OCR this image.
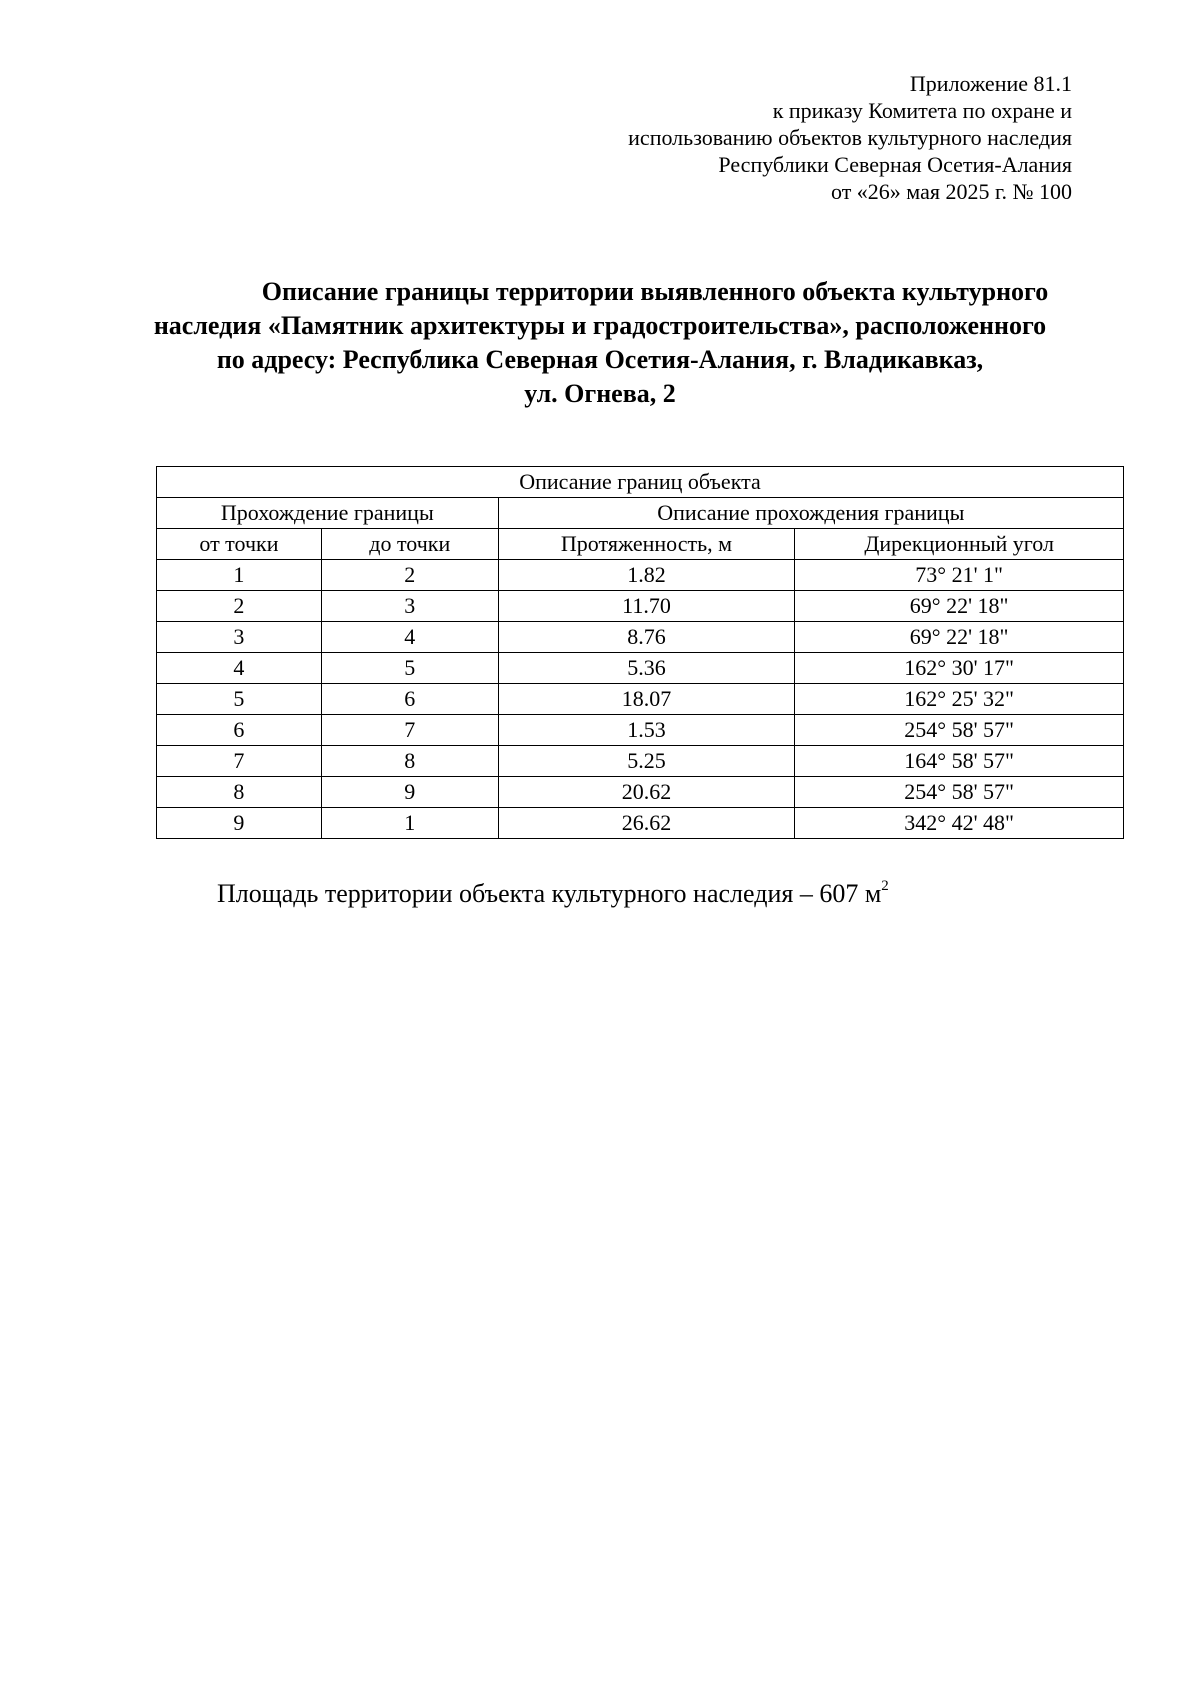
Приложение 81.1
к приказу Комитета по охране и
использованию объектов культурного наследия
Республики Северная Осетия-Алания
от «26» мая 2025 г. № 100
Описание границы территории выявленного объекта культурного
наследия «Памятник архитектуры и градостроительства», расположенного
по адресу: Республика Северная Осетия-Алания, г. Владикавказ,
ул. Огнева, 2
Описание границ объекта			
Прохождение границы		Описание прохождения границы	
от точки	до точки	Протяженность, м	Дирекционный угол
1	2	1.82	73° 21' 1"
2	3	11.70	69° 22' 18"
3	4	8.76	69° 22' 18"
4	5	5.36	162° 30' 17"
5	6	18.07	162° 25' 32"
6	7	1.53	254° 58' 57"
7	8	5.25	164° 58' 57"
8	9	20.62	254° 58' 57"
9	1	26.62	342° 42' 48"
Площадь территории объекта культурного наследия – 607 $м^2$
